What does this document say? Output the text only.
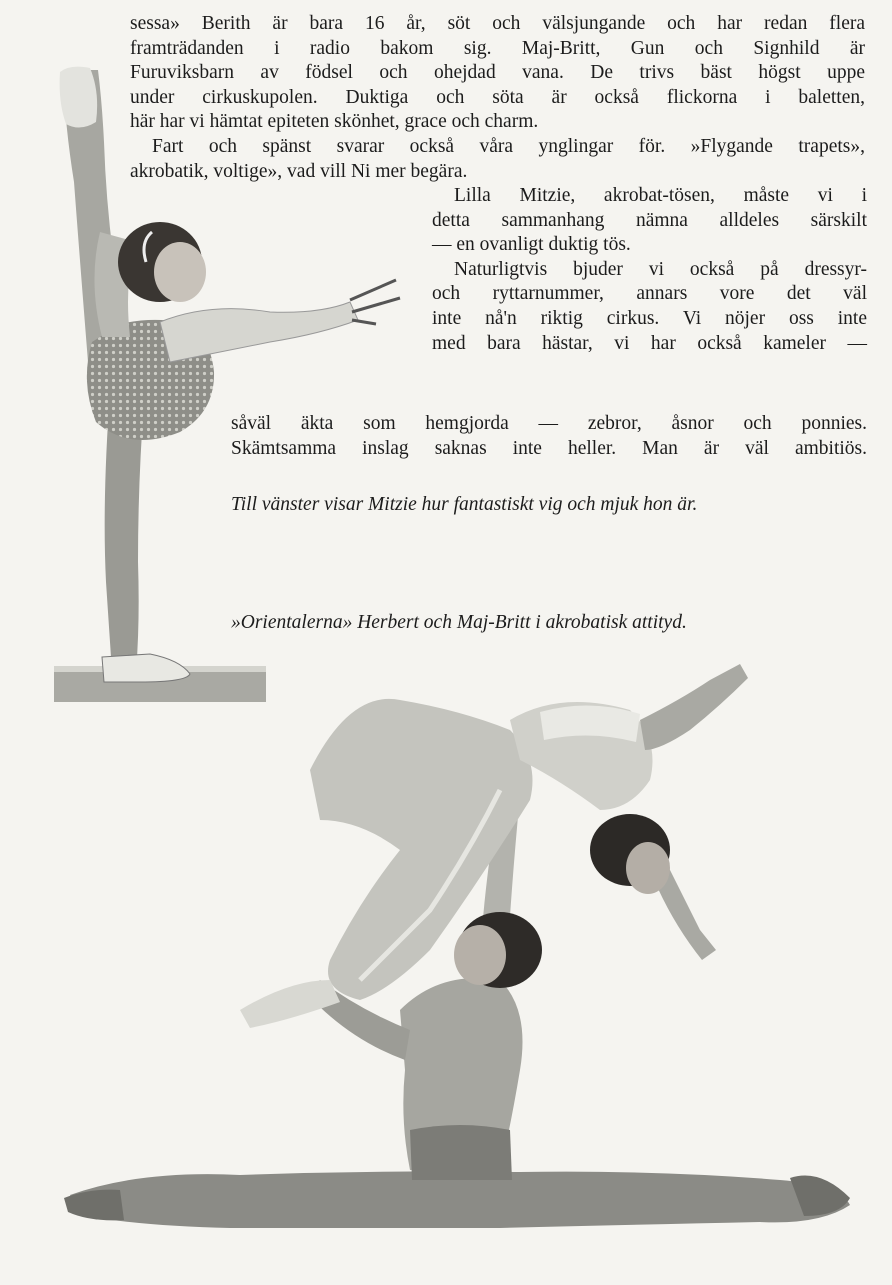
sessa» Berith är bara 16 år, söt och välsjungande och har redan flera
framträdanden i radio bakom sig. Maj-Britt, Gun och Signhild är
Furuviksbarn av födsel och ohejdad vana. De trivs bäst högst uppe
under cirkuskupolen. Duktiga och söta är också flickorna i baletten,
här har vi hämtat epiteten skönhet, grace och charm.
Fart och spänst svarar också våra ynglingar för. »Flygande trapets»,
akrobatik, voltige», vad vill Ni mer begära.
Lilla Mitzie, akrobat-tösen, måste vi i
detta sammanhang nämna alldeles särskilt
— en ovanligt duktig tös.
Naturligtvis bjuder vi också på dressyr-
och ryttarnummer, annars vore det väl
inte nå'n riktig cirkus. Vi nöjer oss inte
med bara hästar, vi har också kameler —
såväl äkta som hemgjorda — zebror, åsnor och ponnies.
Skämtsamma inslag saknas inte heller. Man är väl ambitiös.

Till vänster visar Mitzie hur fantastiskt vig och mjuk hon är.

»Orientalerna» Herbert och Maj-Britt i akrobatisk attityd.
